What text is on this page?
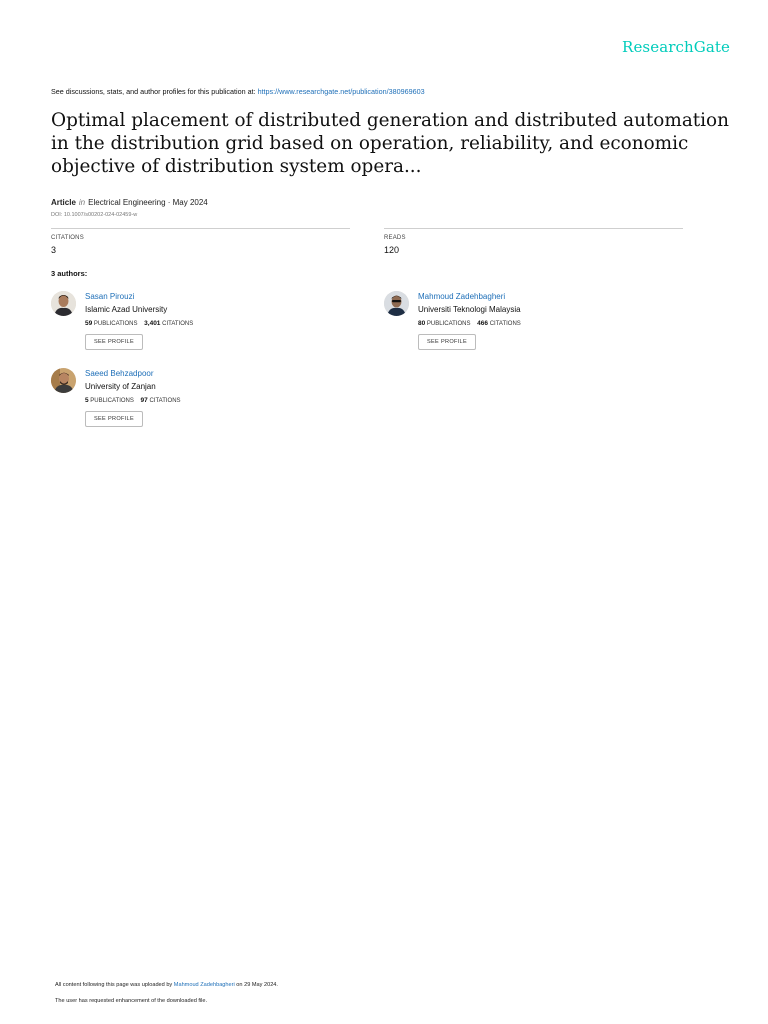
ResearchGate
See discussions, stats, and author profiles for this publication at: https://www.researchgate.net/publication/380969603
Optimal placement of distributed generation and distributed automation in the distribution grid based on operation, reliability, and economic objective of distribution system opera...
Article in Electrical Engineering · May 2024
DOI: 10.1007/s00202-024-02459-w
CITATIONS
3
READS
120
3 authors:
Sasan Pirouzi
Islamic Azad University
59 PUBLICATIONS 3,401 CITATIONS
SEE PROFILE
Mahmoud Zadehbagheri
Universiti Teknologi Malaysia
80 PUBLICATIONS 466 CITATIONS
SEE PROFILE
Saeed Behzadpoor
University of Zanjan
5 PUBLICATIONS 97 CITATIONS
SEE PROFILE
All content following this page was uploaded by Mahmoud Zadehbagheri on 29 May 2024.
The user has requested enhancement of the downloaded file.
